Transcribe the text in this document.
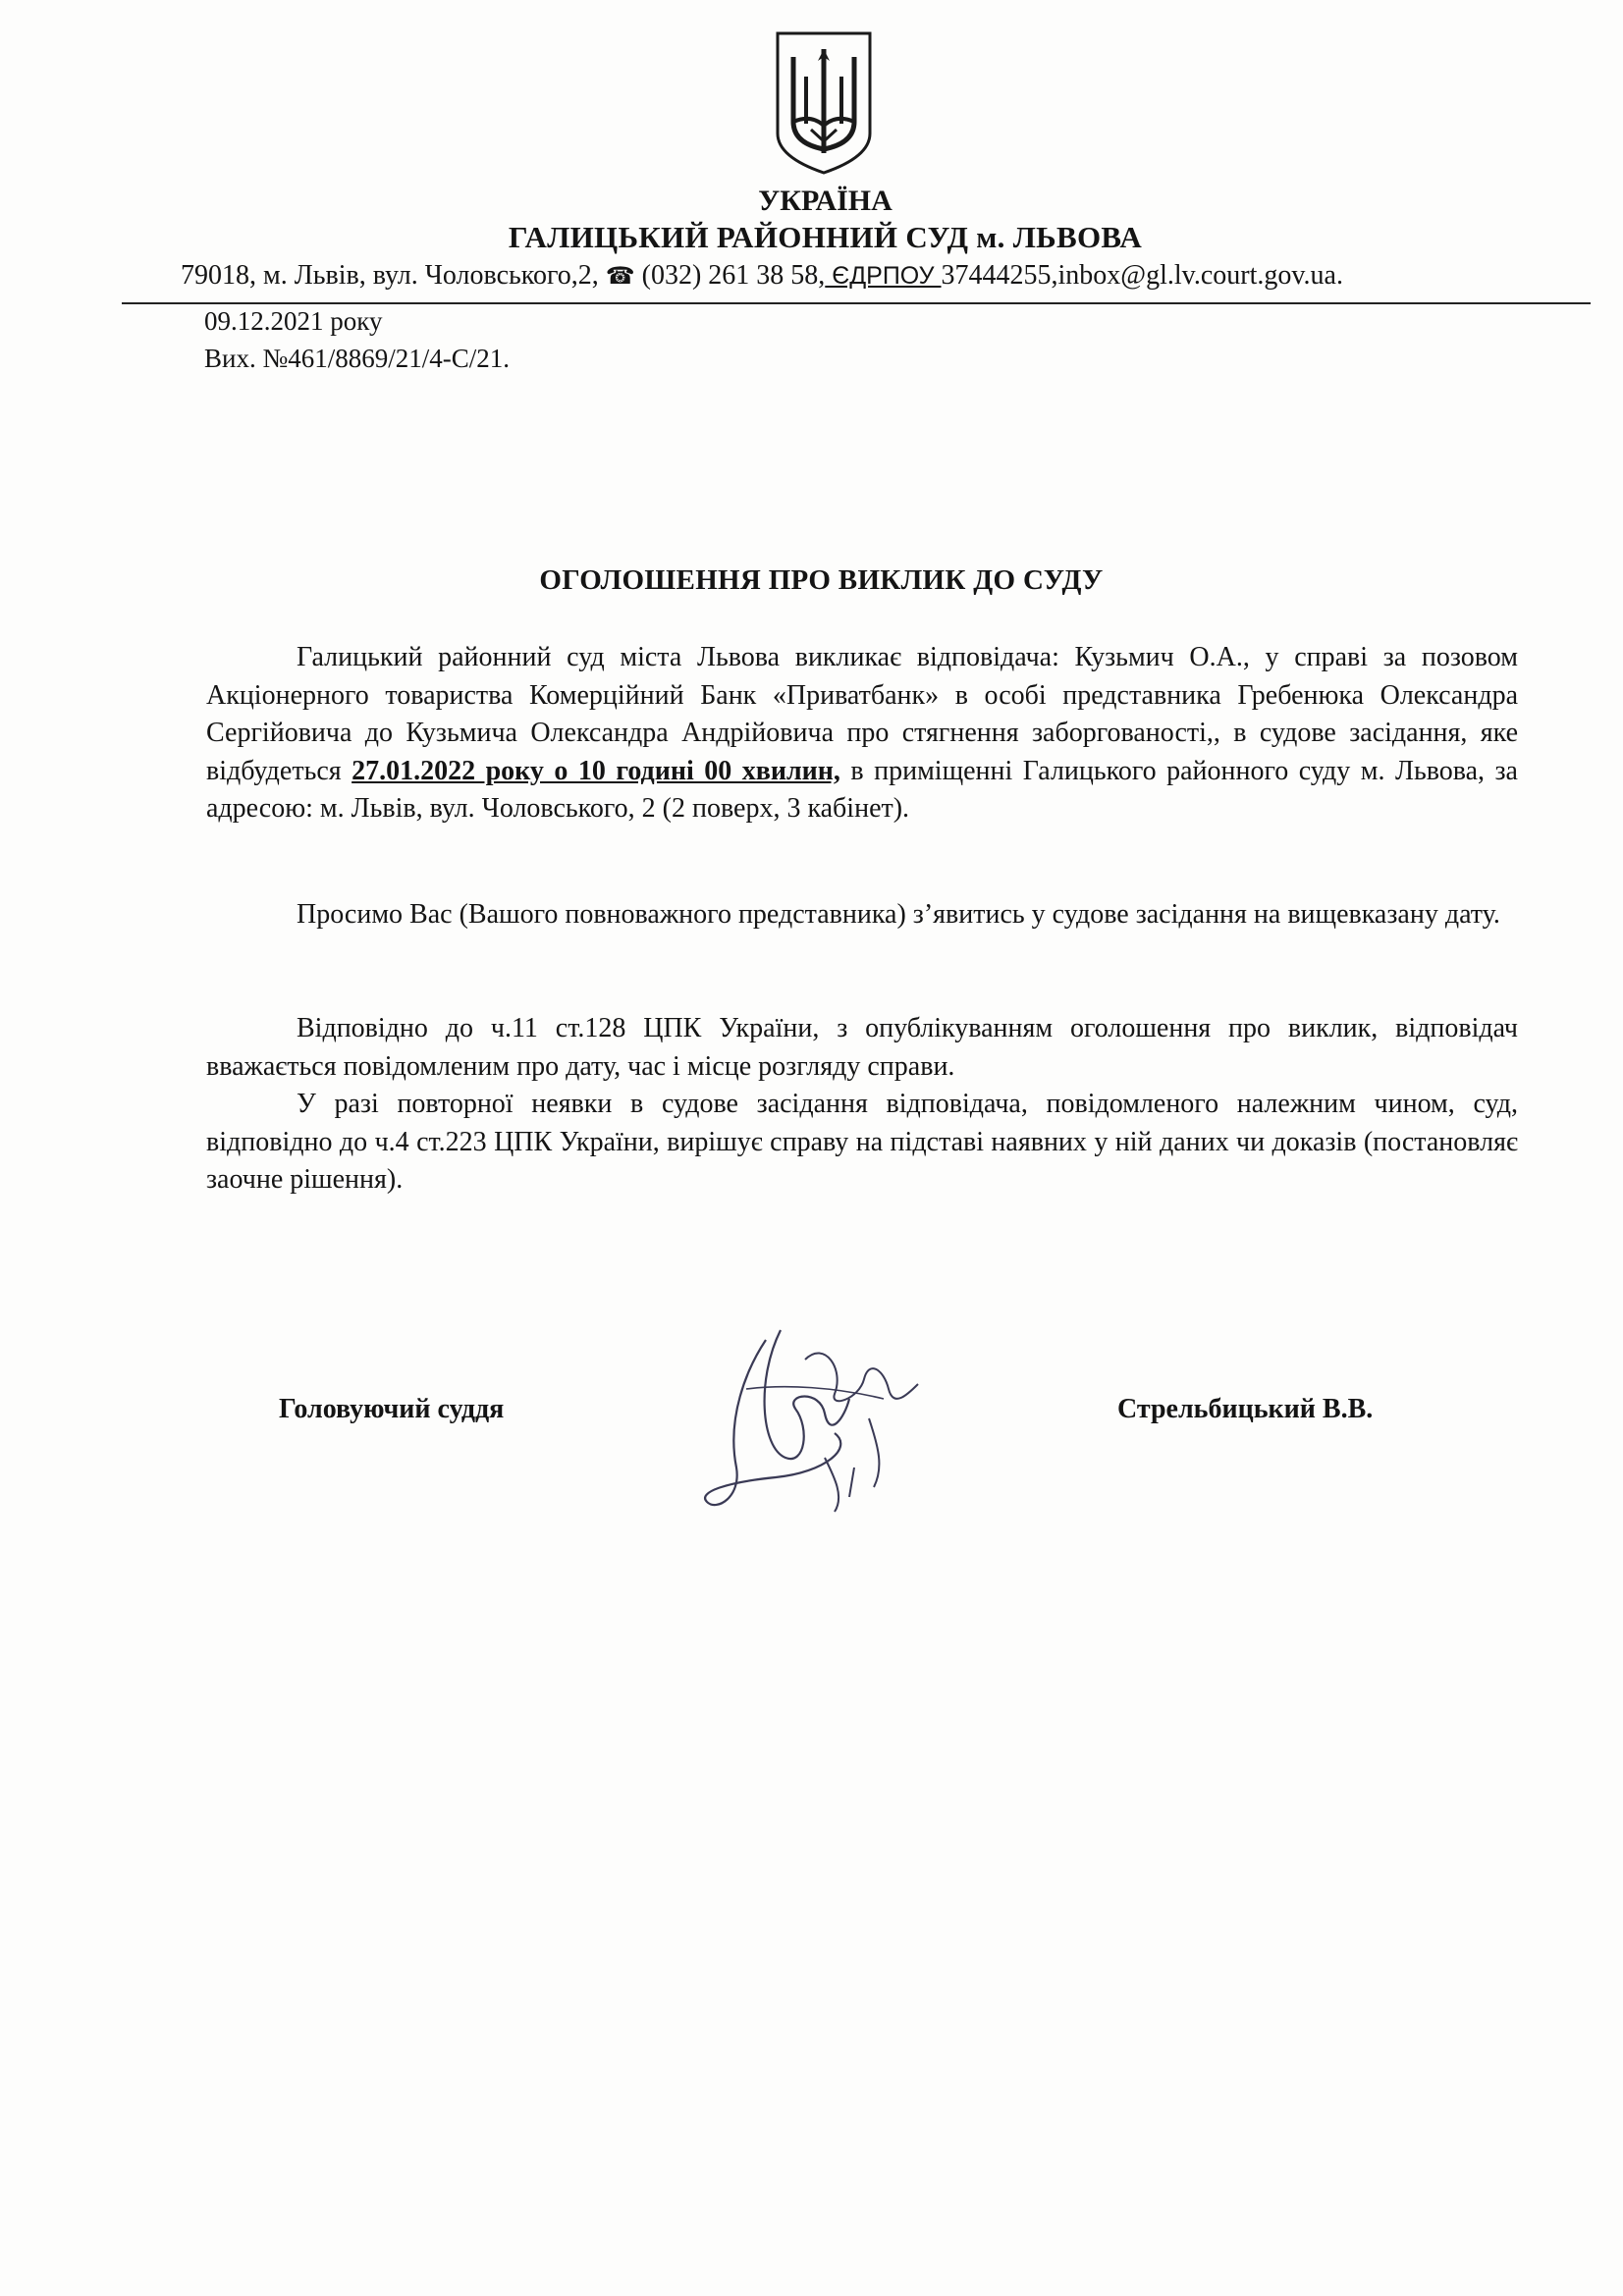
УКРАЇНА
ГАЛИЦЬКИЙ РАЙОННИЙ СУД м. ЛЬВОВА
79018, м. Львів, вул. Чоловського,2, ☎ (032) 261 38 58, ЄДРПОУ 37444255,inbox@gl.lv.court.gov.ua.
09.12.2021 року
Вих. №461/8869/21/4-С/21.
ОГОЛОШЕННЯ ПРО ВИКЛИК ДО СУДУ

Галицький районний суд міста Львова викликає відповідача: Кузьмич О.А., у справі за позовом Акціонерного товариства Комерційний Банк «Приватбанк» в особі представника Гребенюка Олександра Сергійовича до Кузьмича Олександра Андрійовича про стягнення заборгованості,, в судове засідання, яке відбудеться 27.01.2022 року о 10 годині 00 хвилин, в приміщенні Галицького районного суду м. Львова, за адресою: м. Львів, вул. Чоловського, 2 (2 поверх, 3 кабінет).

Просимо Вас (Вашого повноважного представника) з’явитись у судове засідання на вищевказану дату.

Відповідно до ч.11 ст.128 ЦПК України, з опублікуванням оголошення про виклик, відповідач вважається повідомленим про дату, час і місце розгляду справи.

У разі повторної неявки в судове засідання відповідача, повідомленого належним чином, суд, відповідно до ч.4 ст.223 ЦПК України, вирішує справу на підставі наявних у ній даних чи доказів (постановляє заочне рішення).

Головуючий суддя	Стрельбицький В.В.
